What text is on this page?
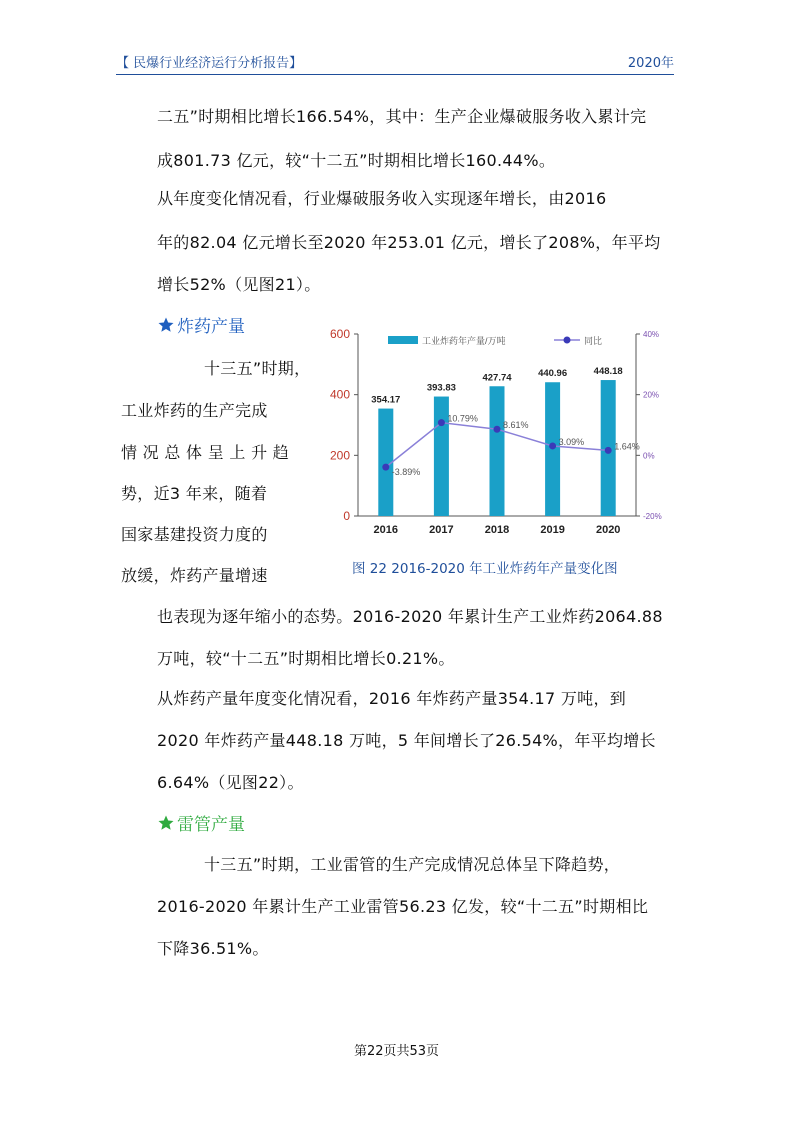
【 民爆行业经济运行分析报告】	2020年
二五”时期相比增长166.54%，其中：生产企业爆破服务收入累计完
成801.73 亿元，较“十二五”时期相比增长160.44%。
从年度变化情况看，行业爆破服务收入实现逐年增长，由2016
年的82.04 亿元增长至2020 年253.01 亿元，增长了208%，年平均
增长52%（见图21）。
炸药产量
十三五”时期，
工业炸药的生产完成
情 况 总 体 呈 上 升 趋
势，近3 年来，随着
国家基建投资力度的
放缓，炸药产量增速
0
200
400
600
-20%
0%
20%
40%
354.17
2016
393.83
2017
427.74
2018
440.96
2019
448.18
2020
-3.89%
10.79%
8.61%
3.09%	1.64%
工业炸药年产量/万吨	同比
图 22 2016-2020 年工业炸药年产量变化图
也表现为逐年缩小的态势。2016-2020 年累计生产工业炸药2064.88
万吨，较“十二五”时期相比增长0.21%。
从炸药产量年度变化情况看，2016 年炸药产量354.17 万吨，到
2020 年炸药产量448.18 万吨，5 年间增长了26.54%，年平均增长
6.64%（见图22）。
雷管产量
十三五”时期，工业雷管的生产完成情况总体呈下降趋势，
2016-2020 年累计生产工业雷管56.23 亿发，较“十二五”时期相比
下降36.51%。
第22页共53页
